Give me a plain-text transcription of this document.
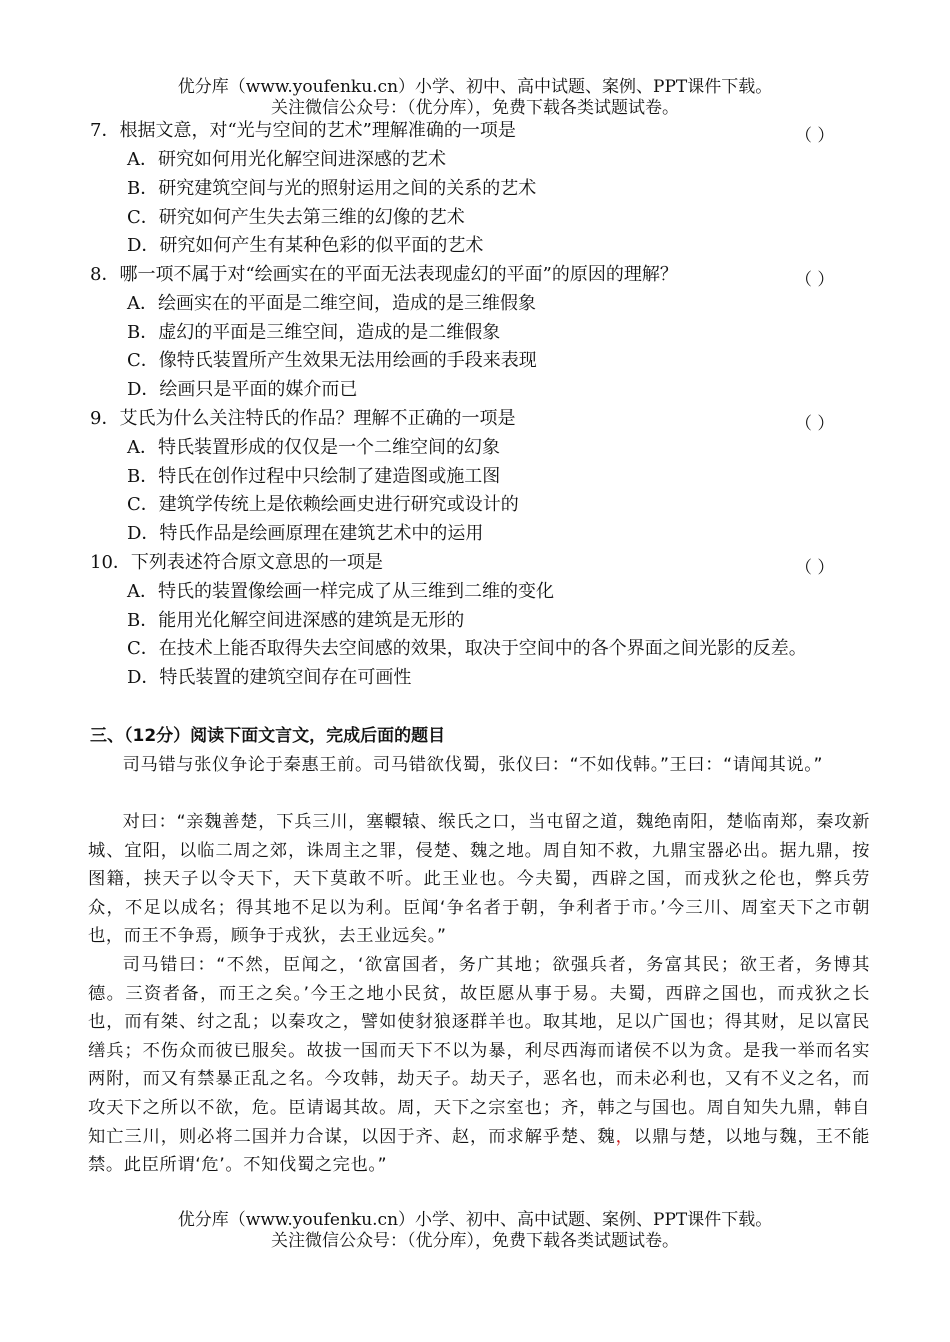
优分库（www.youfenku.cn）小学、初中、高中试题、案例、PPT课件下载。
关注微信公众号：（优分库），免费下载各类试题试卷。
7．根据文意，对“光与空间的艺术”理解准确的一项是	（ ）
A．研究如何用光化解空间进深感的艺术
B．研究建筑空间与光的照射运用之间的关系的艺术
C．研究如何产生失去第三维的幻像的艺术
D．研究如何产生有某种色彩的似平面的艺术
8．哪一项不属于对“绘画实在的平面无法表现虚幻的平面”的原因的理解？	（ ）
A．绘画实在的平面是二维空间，造成的是三维假象
B．虚幻的平面是三维空间，造成的是二维假象
C．像特氏装置所产生效果无法用绘画的手段来表现
D．绘画只是平面的媒介而已
9．艾氏为什么关注特氏的作品？理解不正确的一项是	（ ）
A．特氏装置形成的仅仅是一个二维空间的幻象
B．特氏在创作过程中只绘制了建造图或施工图
C．建筑学传统上是依赖绘画史进行研究或设计的
D．特氏作品是绘画原理在建筑艺术中的运用
10．下列表述符合原文意思的一项是	（ ）
A．特氏的装置像绘画一样完成了从三维到二维的变化
B．能用光化解空间进深感的建筑是无形的
C．在技术上能否取得失去空间感的效果，取决于空间中的各个界面之间光影的反差。
D．特氏装置的建筑空间存在可画性
三、（12分）阅读下面文言文，完成后面的题目
司马错与张仪争论于秦惠王前。司马错欲伐蜀，张仪曰：“不如伐韩。”王曰：“请闻其说。”
对曰：“亲魏善楚，下兵三川，塞轘辕、缑氏之口，当屯留之道，魏绝南阳，楚临南郑，秦攻新城、宜阳，以临二周之郊，诛周主之罪，侵楚、魏之地。周自知不救，九鼎宝器必出。据九鼎，按图籍，挟天子以令天下，天下莫敢不听。此王业也。今夫蜀，西辟之国，而戎狄之伦也，弊兵劳众，不足以成名；得其地不足以为利。臣闻‘争名者于朝，争利者于市。’今三川、周室天下之市朝也，而王不争焉，顾争于戎狄，去王业远矣。”
司马错曰：“不然，臣闻之，‘欲富国者，务广其地；欲强兵者，务富其民；欲王者，务博其德。三资者备，而王之矣。’今王之地小民贫，故臣愿从事于易。夫蜀，西辟之国也，而戎狄之长也，而有桀、纣之乱；以秦攻之，譬如使豺狼逐群羊也。取其地，足以广国也；得其财，足以富民缮兵；不伤众而彼已服矣。故拔一国而天下不以为暴，利尽西海而诸侯不以为贪。是我一举而名实两附，而又有禁暴正乱之名。今攻韩，劫天子。劫天子，恶名也，而未必利也，又有不义之名，而攻天下之所以不欲，危。臣请谒其故。周，天下之宗室也；齐，韩之与国也。周自知失九鼎，韩自知亡三川，则必将二国并力合谋，以因于齐、赵，而求解乎楚、魏，以鼎与楚，以地与魏，王不能禁。此臣所谓‘危’。不知伐蜀之完也。”
优分库（www.youfenku.cn）小学、初中、高中试题、案例、PPT课件下载。
关注微信公众号：（优分库），免费下载各类试题试卷。
